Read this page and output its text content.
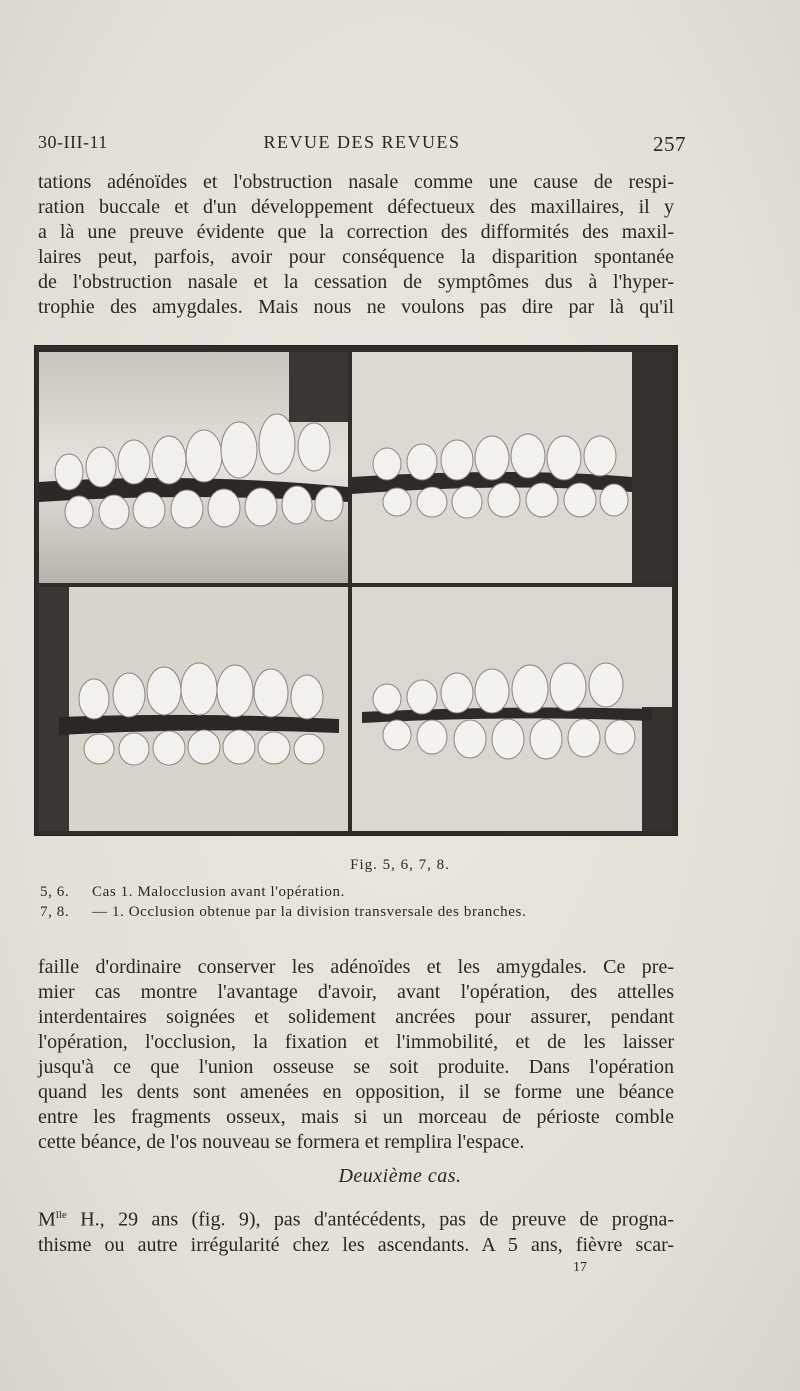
30-III-11	REVUE DES REVUES	257
tations adénoïdes et l'obstruction nasale comme une cause de respi-
ration buccale et d'un développement défectueux des maxillaires, il y
a là une preuve évidente que la correction des difformités des maxil-
laires peut, parfois, avoir pour conséquence la disparition spontanée
de l'obstruction nasale et la cessation de symptômes dus à l'hyper-
trophie des amygdales. Mais nous ne voulons pas dire par là qu'il
Fig. 5, 6, 7, 8.
5, 6. Cas 1. Malocclusion avant l'opération.
7, 8. — 1. Occlusion obtenue par la division transversale des branches.
faille d'ordinaire conserver les adénoïdes et les amygdales. Ce pre-
mier cas montre l'avantage d'avoir, avant l'opération, des attelles
interdentaires soignées et solidement ancrées pour assurer, pendant
l'opération, l'occlusion, la fixation et l'immobilité, et de les laisser
jusqu'à ce que l'union osseuse se soit produite. Dans l'opération
quand les dents sont amenées en opposition, il se forme une béance
entre les fragments osseux, mais si un morceau de périoste comble
cette béance, de l'os nouveau se formera et remplira l'espace.
Deuxième cas.
$M^{lle}$ H., 29 ans (fig. 9), pas d'antécédents, pas de preuve de progna-
thisme ou autre irrégularité chez les ascendants. A 5 ans, fièvre scar-
17
